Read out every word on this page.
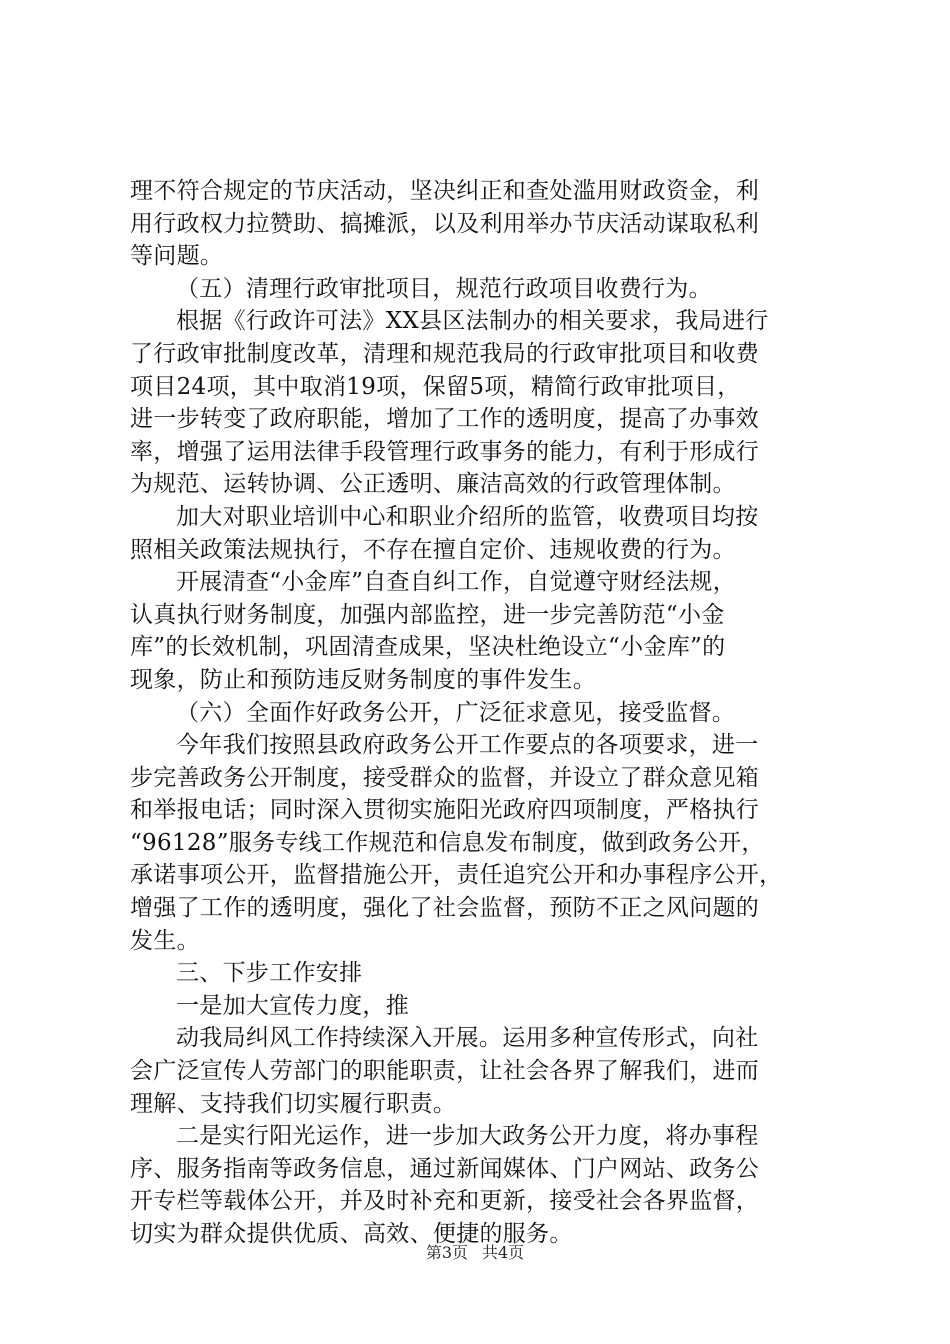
理不符合规定的节庆活动，坚决纠正和查处滥用财政资金，利
用行政权力拉赞助、搞摊派，以及利用举办节庆活动谋取私利
等问题。
（五）清理行政审批项目，规范行政项目收费行为。
根据《行政许可法》XX县区法制办的相关要求，我局进行
了行政审批制度改革，清理和规范我局的行政审批项目和收费
项目24项，其中取消19项，保留5项，精简行政审批项目，
进一步转变了政府职能，增加了工作的透明度，提高了办事效
率，增强了运用法律手段管理行政事务的能力，有利于形成行
为规范、运转协调、公正透明、廉洁高效的行政管理体制。
加大对职业培训中心和职业介绍所的监管，收费项目均按
照相关政策法规执行，不存在擅自定价、违规收费的行为。
开展清查“小金库”自查自纠工作，自觉遵守财经法规，
认真执行财务制度，加强内部监控，进一步完善防范“小金
库”的长效机制，巩固清查成果，坚决杜绝设立“小金库”的
现象，防止和预防违反财务制度的事件发生。
（六）全面作好政务公开，广泛征求意见，接受监督。
今年我们按照县政府政务公开工作要点的各项要求，进一
步完善政务公开制度，接受群众的监督，并设立了群众意见箱
和举报电话；同时深入贯彻实施阳光政府四项制度，严格执行
“96128”服务专线工作规范和信息发布制度，做到政务公开，
承诺事项公开，监督措施公开，责任追究公开和办事程序公开，
增强了工作的透明度，强化了社会监督，预防不正之风问题的
发生。
三、下步工作安排
一是加大宣传力度，推
动我局纠风工作持续深入开展。运用多种宣传形式，向社
会广泛宣传人劳部门的职能职责，让社会各界了解我们，进而
理解、支持我们切实履行职责。
二是实行阳光运作，进一步加大政务公开力度，将办事程
序、服务指南等政务信息，通过新闻媒体、门户网站、政务公
开专栏等载体公开，并及时补充和更新，接受社会各界监督，
切实为群众提供优质、高效、便捷的服务。
第3页 共4页
